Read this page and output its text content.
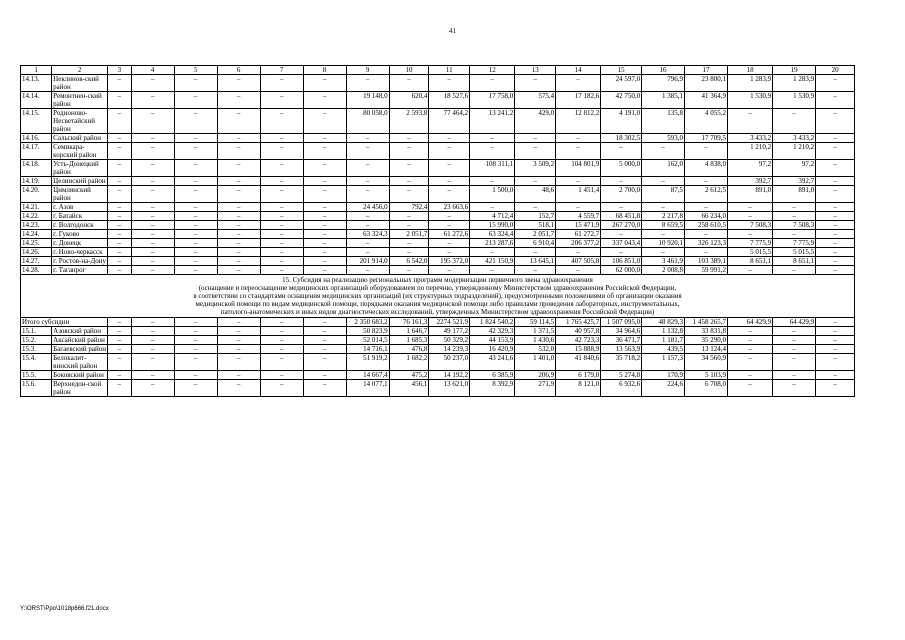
41
1	2	3	4	5	6	7	8	9	10	11	12	13	14	15	16	17	18	19	20
14.13.	Неклинов-ский район	–	–	–	–	–	–	–	–	–	–	–	–	24 597,0	796,9	23 800,1	1 283,9	1 283,9	–
14.14.	Ремонтнен-ский район	–	–	–	–	–	–	19 148,0	620,4	18 527,6	17 758,0	575,4	17 182,6	42 750,0	1 385,1	41 364,9	1 530,9	1 530,9	–
14.15.	Родионово-Несветайский район	–	–	–	–	–	–	80 058,0	2 593,8	77 464,2	13 241,2	429,0	12 812,2	4 191,0	135,8	4 055,2	–	–	–
14.16.	Сальский район	–	–	–	–	–	–	–	–	–	–	–	–	18 302,5	593,0	17 709,5	3 433,2	3 433,2	–
14.17.	Семикара-корский район	–	–	–	–	–	–	–	–	–	–	–	–	–	–	–	1 210,2	1 210,2	–
14.18.	Усть-Донецкий район	–	–	–	–	–	–	–	–	–	108 311,1	3 509,2	104 801,9	5 000,0	162,0	4 838,0	97,2	97,2	–
14.19.	Целинский район	–	–	–	–	–	–	–	–	–	–	–	–	–	–	–	392,7	392,7	–
14.20.	Цимлянский район	–	–	–	–	–	–	–	–	–	1 500,0	48,6	1 451,4	2 700,0	87,5	2 612,5	891,0	891,0	–
14.21.	г. Азов	–	–	–	–	–	–	24 456,0	792,4	23 663,6	–	–	–	–	–	–	–	–	–
14.22.	г. Батайск	–	–	–	–	–	–	–	–	–	4 712,4	152,7	4 559,7	68 451,8	2 217,8	66 234,0	–	–	–
14.23.	г. Волгодонск	–	–	–	–	–	–	–	–	–	15 990,0	518,1	15 471,9	267 270,0	8 659,5	258 610,5	7 508,3	7 508,3	–
14.24.	г. Гуково	–	–	–	–	–	–	63 324,3	2 051,7	61 272,6	63 324,4	2 051,7	61 272,7	–	–	–	–	–	–
14.25.	г. Донецк	–	–	–	–	–	–	–	–	–	213 287,6	6 910,4	206 377,2	337 043,4	10 920,1	326 123,3	7 775,9	7 775,9	–
14.26.	г. Ново-черкасск	–	–	–	–	–	–	–	–	–	–	–	–	–	–	–	5 015,5	5 015,5	–
14.27.	г. Ростов-на-Дону	–	–	–	–	–	–	201 914,0	6 542,0	195 372,0	421 150,9	13 645,1	407 505,8	106 851,0	3 461,9	103 389,1	8 651,1	8 651,1	–
14.28.	г. Таганрог	–	–	–	–	–	–	–	–	–	–	–	–	62 000,0	2 008,8	59 991,2	–	–	–

15. Субсидия на реализацию региональных программ модернизации первичного звена здравоохранения
(оснащение и переоснащение медицинских организаций оборудованием по перечню, утвержденному Министерством здравоохранения Российской Федерации,
в соответствии со стандартами оснащения медицинских организаций (их структурных подразделений), предусмотренными положениями об организации оказания
медицинской помощи по видам медицинской помощи, порядками оказания медицинской помощи либо правилами проведения лабораторных, инструментальных,
патолого-анатомических и иных видов диагностических исследований, утвержденных Министерством здравоохранения Российской Федерации)																			

Итого субсидии		–	–	–	–	–	–	2 350 683,2	76 161,3	2274 521,9	1 824 540,2	59 114,5	1 765 425,7	1 507 095,0	48 829,3	1 458 265,7	64 429,9	64 429,9	–
15.1.	Азовский район	–	–	–	–	–	–	50 823,9	1 646,7	49 177,2	42 329,3	1 371,5	40 957,8	34 964,6	1 132,8	33 831,8	–	–	–
15.2.	Аксайский район	–	–	–	–	–	–	52 014,5	1 685,3	50 329,2	44 153,9	1 430,6	42 723,3	36 471,7	1 181,7	35 290,0	–	–	–
15.3.	Багаевский район	–	–	–	–	–	–	14 716,1	476,8	14 239,3	16 420,9	532,0	15 888,9	13 563,9	439,5	13 124,4	–	–	–
15.4.	Белокалит-винский район	–	–	–	–	–	–	51 919,2	1 682,2	50 237,0	43 241,6	1 401,0	41 840,6	35 718,2	1 157,3	34 560,9	–	–	–
15.5.	Боковский район	–	–	–	–	–	–	14 667,4	475,2	14 192,2	6 385,9	206,9	6 179,0	5 274,8	170,9	5 103,9	–	–	–
15.6.	Верхнедон-ской район	–	–	–	–	–	–	14 077,1	456,1	13 621,0	8 392,9	271,9	8 121,0	6 932,6	224,6	6 708,0	–	–	–
Y:\ORST\Ppo\1018p666.f21.docx
